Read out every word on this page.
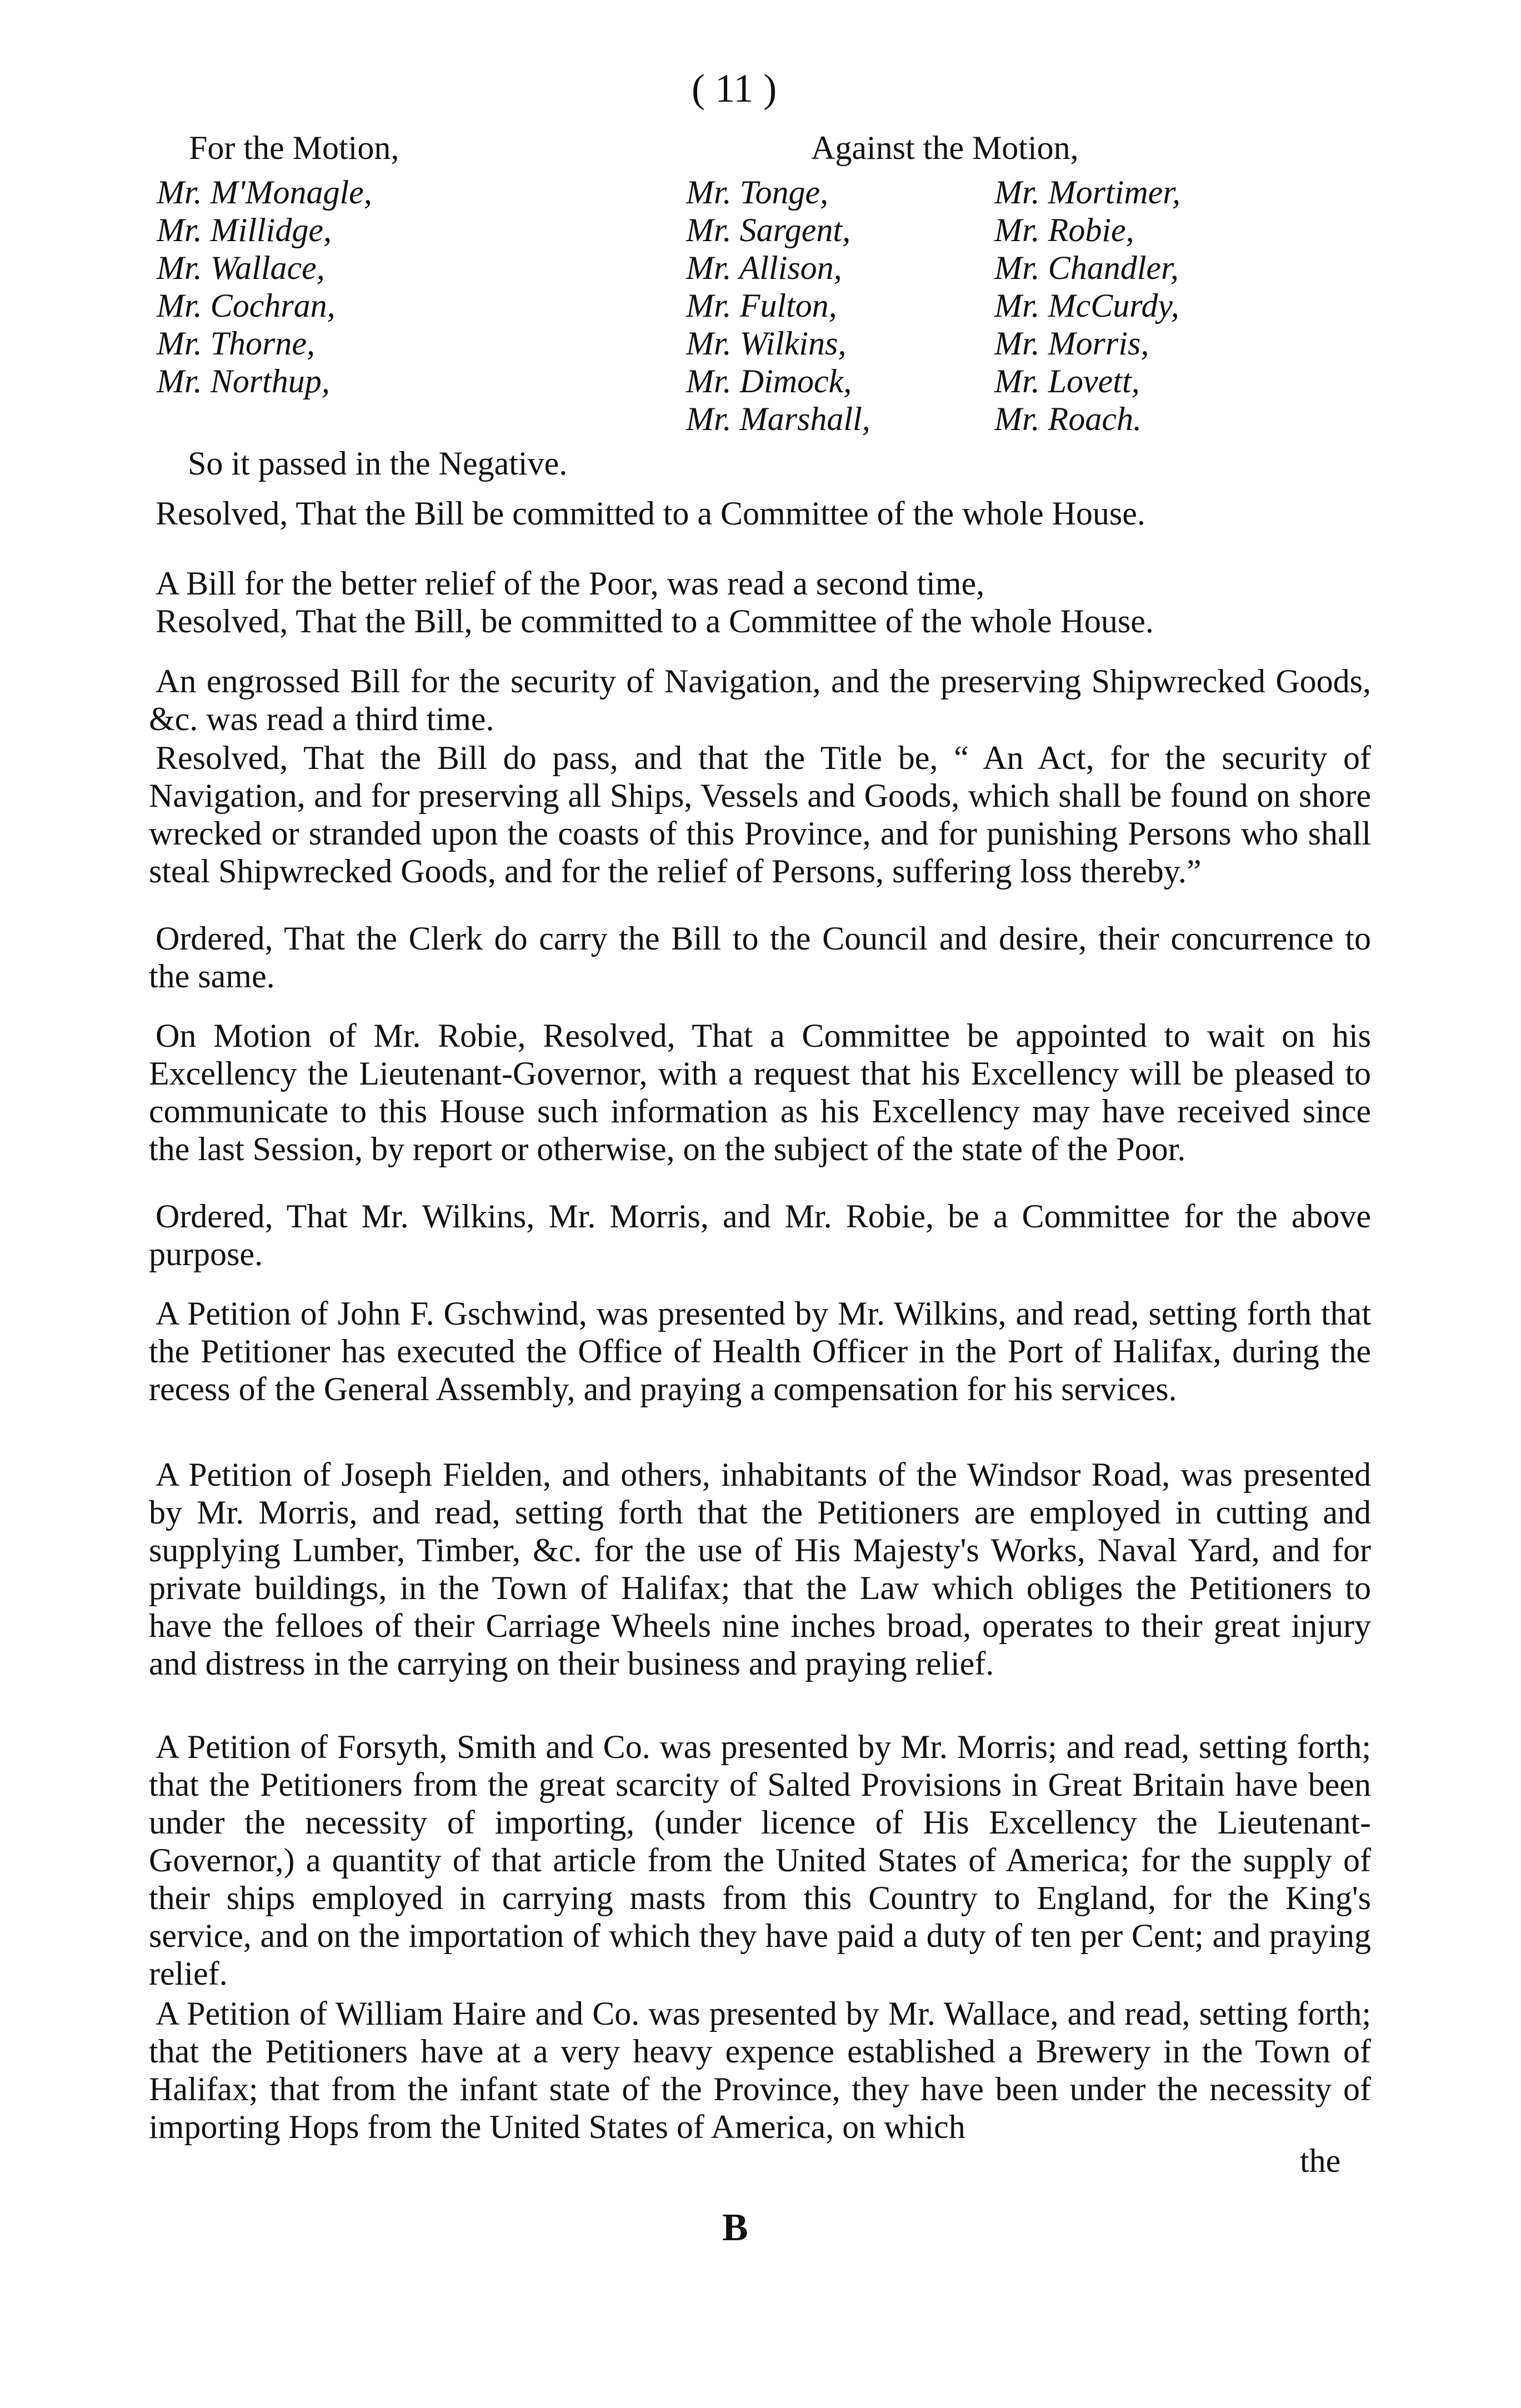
( 11 )
For the Motion,	Against the Motion,
Mr. M'Monagle,
Mr. Millidge,
Mr. Wallace,
Mr. Cochran,
Mr. Thorne,
Mr. Northup,
Mr. Tonge,
Mr. Sargent,
Mr. Allison,
Mr. Fulton,
Mr. Wilkins,
Mr. Dimock,
Mr. Marshall,
Mr. Mortimer,
Mr. Robie,
Mr. Chandler,
Mr. McCurdy,
Mr. Morris,
Mr. Lovett,
Mr. Roach.
So it passed in the Negative.
Resolved, That the Bill be committed to a Committee of the whole House.
A Bill for the better relief of the Poor, was read a second time,
Resolved, That the Bill, be committed to a Committee of the whole House.
An engrossed Bill for the security of Navigation, and the preserving Shipwrecked Goods, &c. was read a third time.
Resolved, That the Bill do pass, and that the Title be, “ An Act, for the security of Navigation, and for preserving all Ships, Vessels and Goods, which shall be found on shore wrecked or stranded upon the coasts of this Province, and for punishing Persons who shall steal Shipwrecked Goods, and for the relief of Persons, suffering loss thereby.”
Ordered, That the Clerk do carry the Bill to the Council and desire, their concurrence to the same.
On Motion of Mr. Robie, Resolved, That a Committee be appointed to wait on his Excellency the Lieutenant-Governor, with a request that his Excellency will be pleased to communicate to this House such information as his Excellency may have received since the last Session, by report or otherwise, on the subject of the state of the Poor.
Ordered, That Mr. Wilkins, Mr. Morris, and Mr. Robie, be a Committee for the above purpose.
A Petition of John F. Gschwind, was presented by Mr. Wilkins, and read, setting forth that the Petitioner has executed the Office of Health Officer in the Port of Halifax, during the recess of the General Assembly, and praying a compensation for his services.
A Petition of Joseph Fielden, and others, inhabitants of the Windsor Road, was presented by Mr. Morris, and read, setting forth that the Petitioners are employed in cutting and supplying Lumber, Timber, &c. for the use of His Majesty's Works, Naval Yard, and for private buildings, in the Town of Halifax; that the Law which obliges the Petitioners to have the felloes of their Carriage Wheels nine inches broad, operates to their great injury and distress in the carrying on their business and praying relief.
A Petition of Forsyth, Smith and Co. was presented by Mr. Morris; and read, setting forth; that the Petitioners from the great scarcity of Salted Provisions in Great Britain have been under the necessity of importing, (under licence of His Excellency the Lieutenant-Governor,) a quantity of that article from the United States of America; for the supply of their ships employed in carrying masts from this Country to England, for the King's service, and on the importation of which they have paid a duty of ten per Cent; and praying relief.
A Petition of William Haire and Co. was presented by Mr. Wallace, and read, setting forth; that the Petitioners have at a very heavy expence established a Brewery in the Town of Halifax; that from the infant state of the Province, they have been under the necessity of importing Hops from the United States of America, on which
the
B
